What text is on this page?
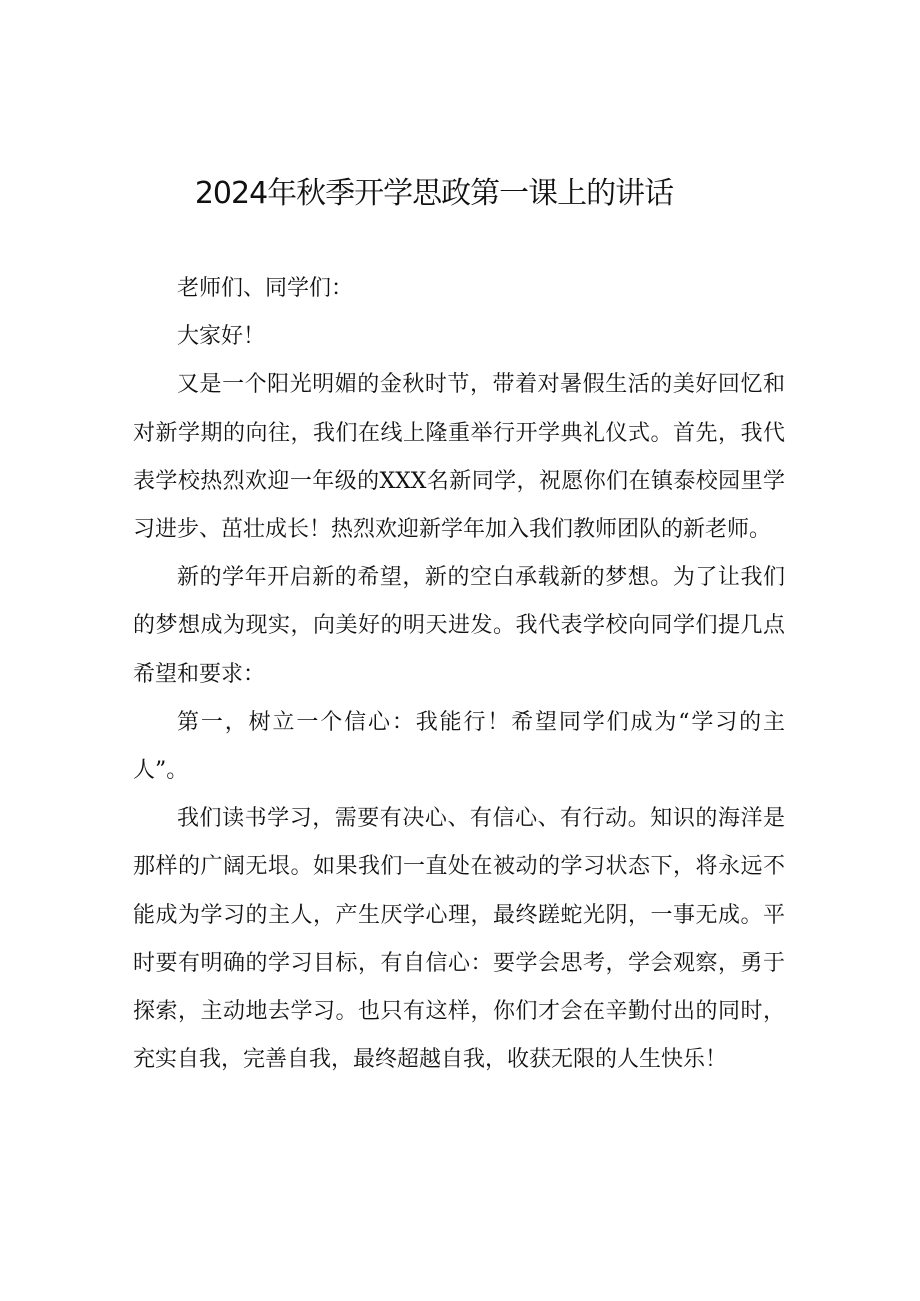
2024年秋季开学思政第一课上的讲话

老师们、同学们：

大家好！

又是一个阳光明媚的金秋时节，带着对暑假生活的美好回忆和对新学期的向往，我们在线上隆重举行开学典礼仪式。首先，我代表学校热烈欢迎一年级的XXX名新同学，祝愿你们在镇泰校园里学习进步、茁壮成长！热烈欢迎新学年加入我们教师团队的新老师。

新的学年开启新的希望，新的空白承载新的梦想。为了让我们的梦想成为现实，向美好的明天进发。我代表学校向同学们提几点希望和要求：

第一，树立一个信心：我能行！希望同学们成为“学习的主人”。

我们读书学习，需要有决心、有信心、有行动。知识的海洋是那样的广阔无垠。如果我们一直处在被动的学习状态下，将永远不能成为学习的主人，产生厌学心理，最终蹉蛇光阴，一事无成。平时要有明确的学习目标，有自信心：要学会思考，学会观察，勇于探索，主动地去学习。也只有这样，你们才会在辛勤付出的同时，充实自我，完善自我，最终超越自我，收获无限的人生快乐！
